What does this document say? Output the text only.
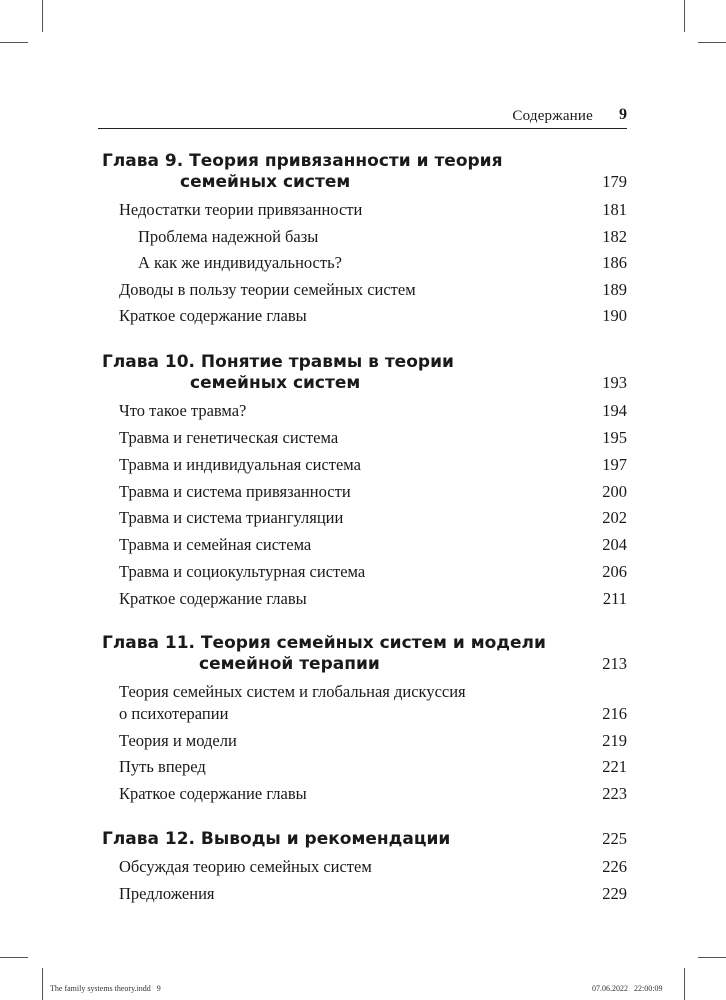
Содержание 9
Глава 9. Теория привязанности и теория
семейных систем	179
Недостатки теории привязанности	181
Проблема надежной базы	182
А как же индивидуальность?	186
Доводы в пользу теории семейных систем	189
Краткое содержание главы	190
Глава 10. Понятие травмы в теории
семейных систем	193
Что такое травма?	194
Травма и генетическая система	195
Травма и индивидуальная система	197
Травма и система привязанности	200
Травма и система триангуляции	202
Травма и семейная система	204
Травма и социокультурная система	206
Краткое содержание главы	211
Глава 11. Теория семейных систем и модели
семейной терапии	213
Теория семейных систем и глобальная дискуссия
о психотерапии	216
Теория и модели	219
Путь вперед	221
Краткое содержание главы	223
Глава 12. Выводы и рекомендации	225
Обсуждая теорию семейных систем	226
Предложения	229
The family systems theory.indd   9	07.06.2022   22:00:09
